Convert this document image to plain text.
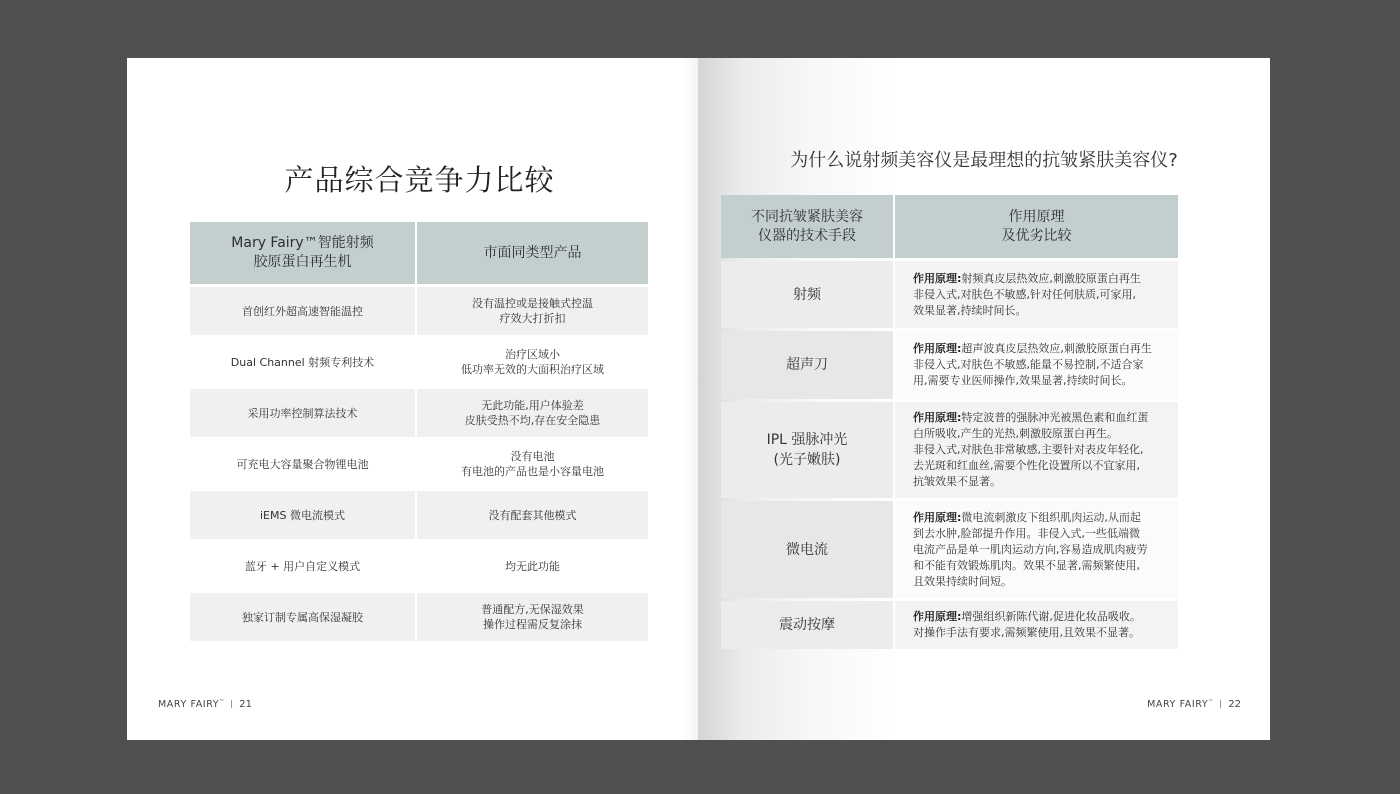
产品综合竞争力比较
Mary Fairy™智能射频
胶原蛋白再生机	市面同类型产品
首创红外超高速智能温控	没有温控或是接触式控温
疗效大打折扣
Dual Channel 射频专利技术	治疗区域小
低功率无效的大面积治疗区域
采用功率控制算法技术	无此功能,用户体验差
皮肤受热不均,存在安全隐患
可充电大容量聚合物锂电池	没有电池
有电池的产品也是小容量电池
iEMS 微电流模式	没有配套其他模式
蓝牙 + 用户自定义模式	均无此功能
独家订制专属高保湿凝胶	普通配方,无保湿效果
操作过程需反复涂抹
MARY FAIRY™ 21
为什么说射频美容仪是最理想的抗皱紧肤美容仪?
不同抗皱紧肤美容
仪器的技术手段	作用原理
及优劣比较
射频	作用原理:射频真皮层热效应,刺激胶原蛋白再生
非侵入式,对肤色不敏感,针对任何肤质,可家用,
效果显著,持续时间长。
超声刀	作用原理:超声波真皮层热效应,刺激胶原蛋白再生
非侵入式,对肤色不敏感,能量不易控制,不适合家
用,需要专业医师操作,效果显著,持续时间长。
IPL 强脉冲光
(光子嫩肤)	作用原理:特定波普的强脉冲光被黑色素和血红蛋
白所吸收,产生的光热,刺激胶原蛋白再生。
非侵入式,对肤色非常敏感,主要针对表皮年轻化,
去光斑和红血丝,需要个性化设置所以不宜家用,
抗皱效果不显著。
微电流	作用原理:微电流刺激皮下组织肌肉运动,从而起
到去水肿,脸部提升作用。非侵入式,一些低端微
电流产品是单一肌肉运动方向,容易造成肌肉疲劳
和不能有效锻炼肌肉。效果不显著,需频繁使用,
且效果持续时间短。
震动按摩	作用原理:增强组织新陈代谢,促进化妆品吸收。
对操作手法有要求,需频繁使用,且效果不显著。
MARY FAIRY™ 22
